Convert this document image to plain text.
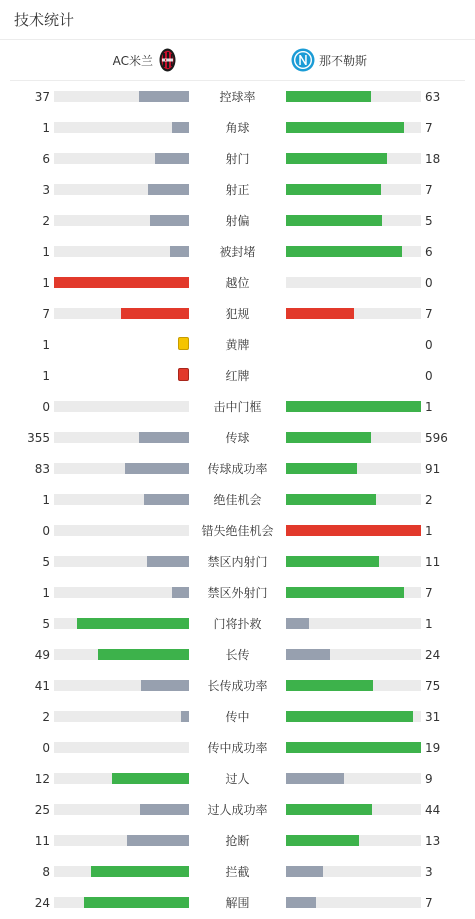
技术统计
AC米兰	那不勒斯
37	控球率	63
1	角球	7
6	射门	18
3	射正	7
2	射偏	5
1	被封堵	6
1	越位	0
7	犯规	7
1	黄牌	0
1	红牌	0
0	击中门框	1
355	传球	596
83	传球成功率	91
1	绝佳机会	2
0	错失绝佳机会	1
5	禁区内射门	11
1	禁区外射门	7
5	门将扑救	1
49	长传	24
41	长传成功率	75
2	传中	31
0	传中成功率	19
12	过人	9
25	过人成功率	44
11	抢断	13
8	拦截	3
24	解围	7
